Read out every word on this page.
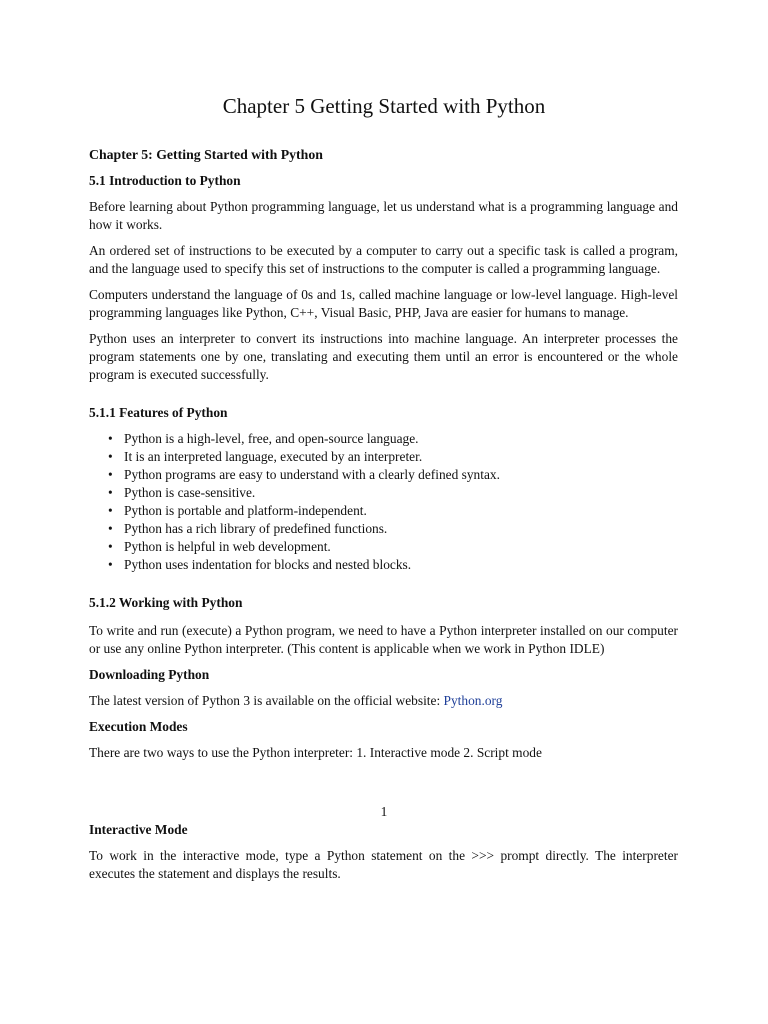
Chapter 5 Getting Started with Python

Chapter 5: Getting Started with Python

5.1 Introduction to Python

Before learning about Python programming language, let us understand what is a programming language and how it works.

An ordered set of instructions to be executed by a computer to carry out a specific task is called a program, and the language used to specify this set of instructions to the computer is called a programming language.

Computers understand the language of 0s and 1s, called machine language or low-level language. High-level programming languages like Python, C++, Visual Basic, PHP, Java are easier for humans to manage.

Python uses an interpreter to convert its instructions into machine language. An interpreter processes the program statements one by one, translating and executing them until an error is encountered or the whole program is executed successfully.

5.1.1 Features of Python

• Python is a high-level, free, and open-source language.
• It is an interpreted language, executed by an interpreter.
• Python programs are easy to understand with a clearly defined syntax.
• Python is case-sensitive.
• Python is portable and platform-independent.
• Python has a rich library of predefined functions.
• Python is helpful in web development.
• Python uses indentation for blocks and nested blocks.

5.1.2 Working with Python

To write and run (execute) a Python program, we need to have a Python interpreter installed on our computer or use any online Python interpreter. (This content is applicable when we work in Python IDLE)

Downloading Python

The latest version of Python 3 is available on the official website: Python.org

Execution Modes

There are two ways to use the Python interpreter: 1. Interactive mode 2. Script mode

1

Interactive Mode

To work in the interactive mode, type a Python statement on the >>> prompt directly. The interpreter executes the statement and displays the results.
